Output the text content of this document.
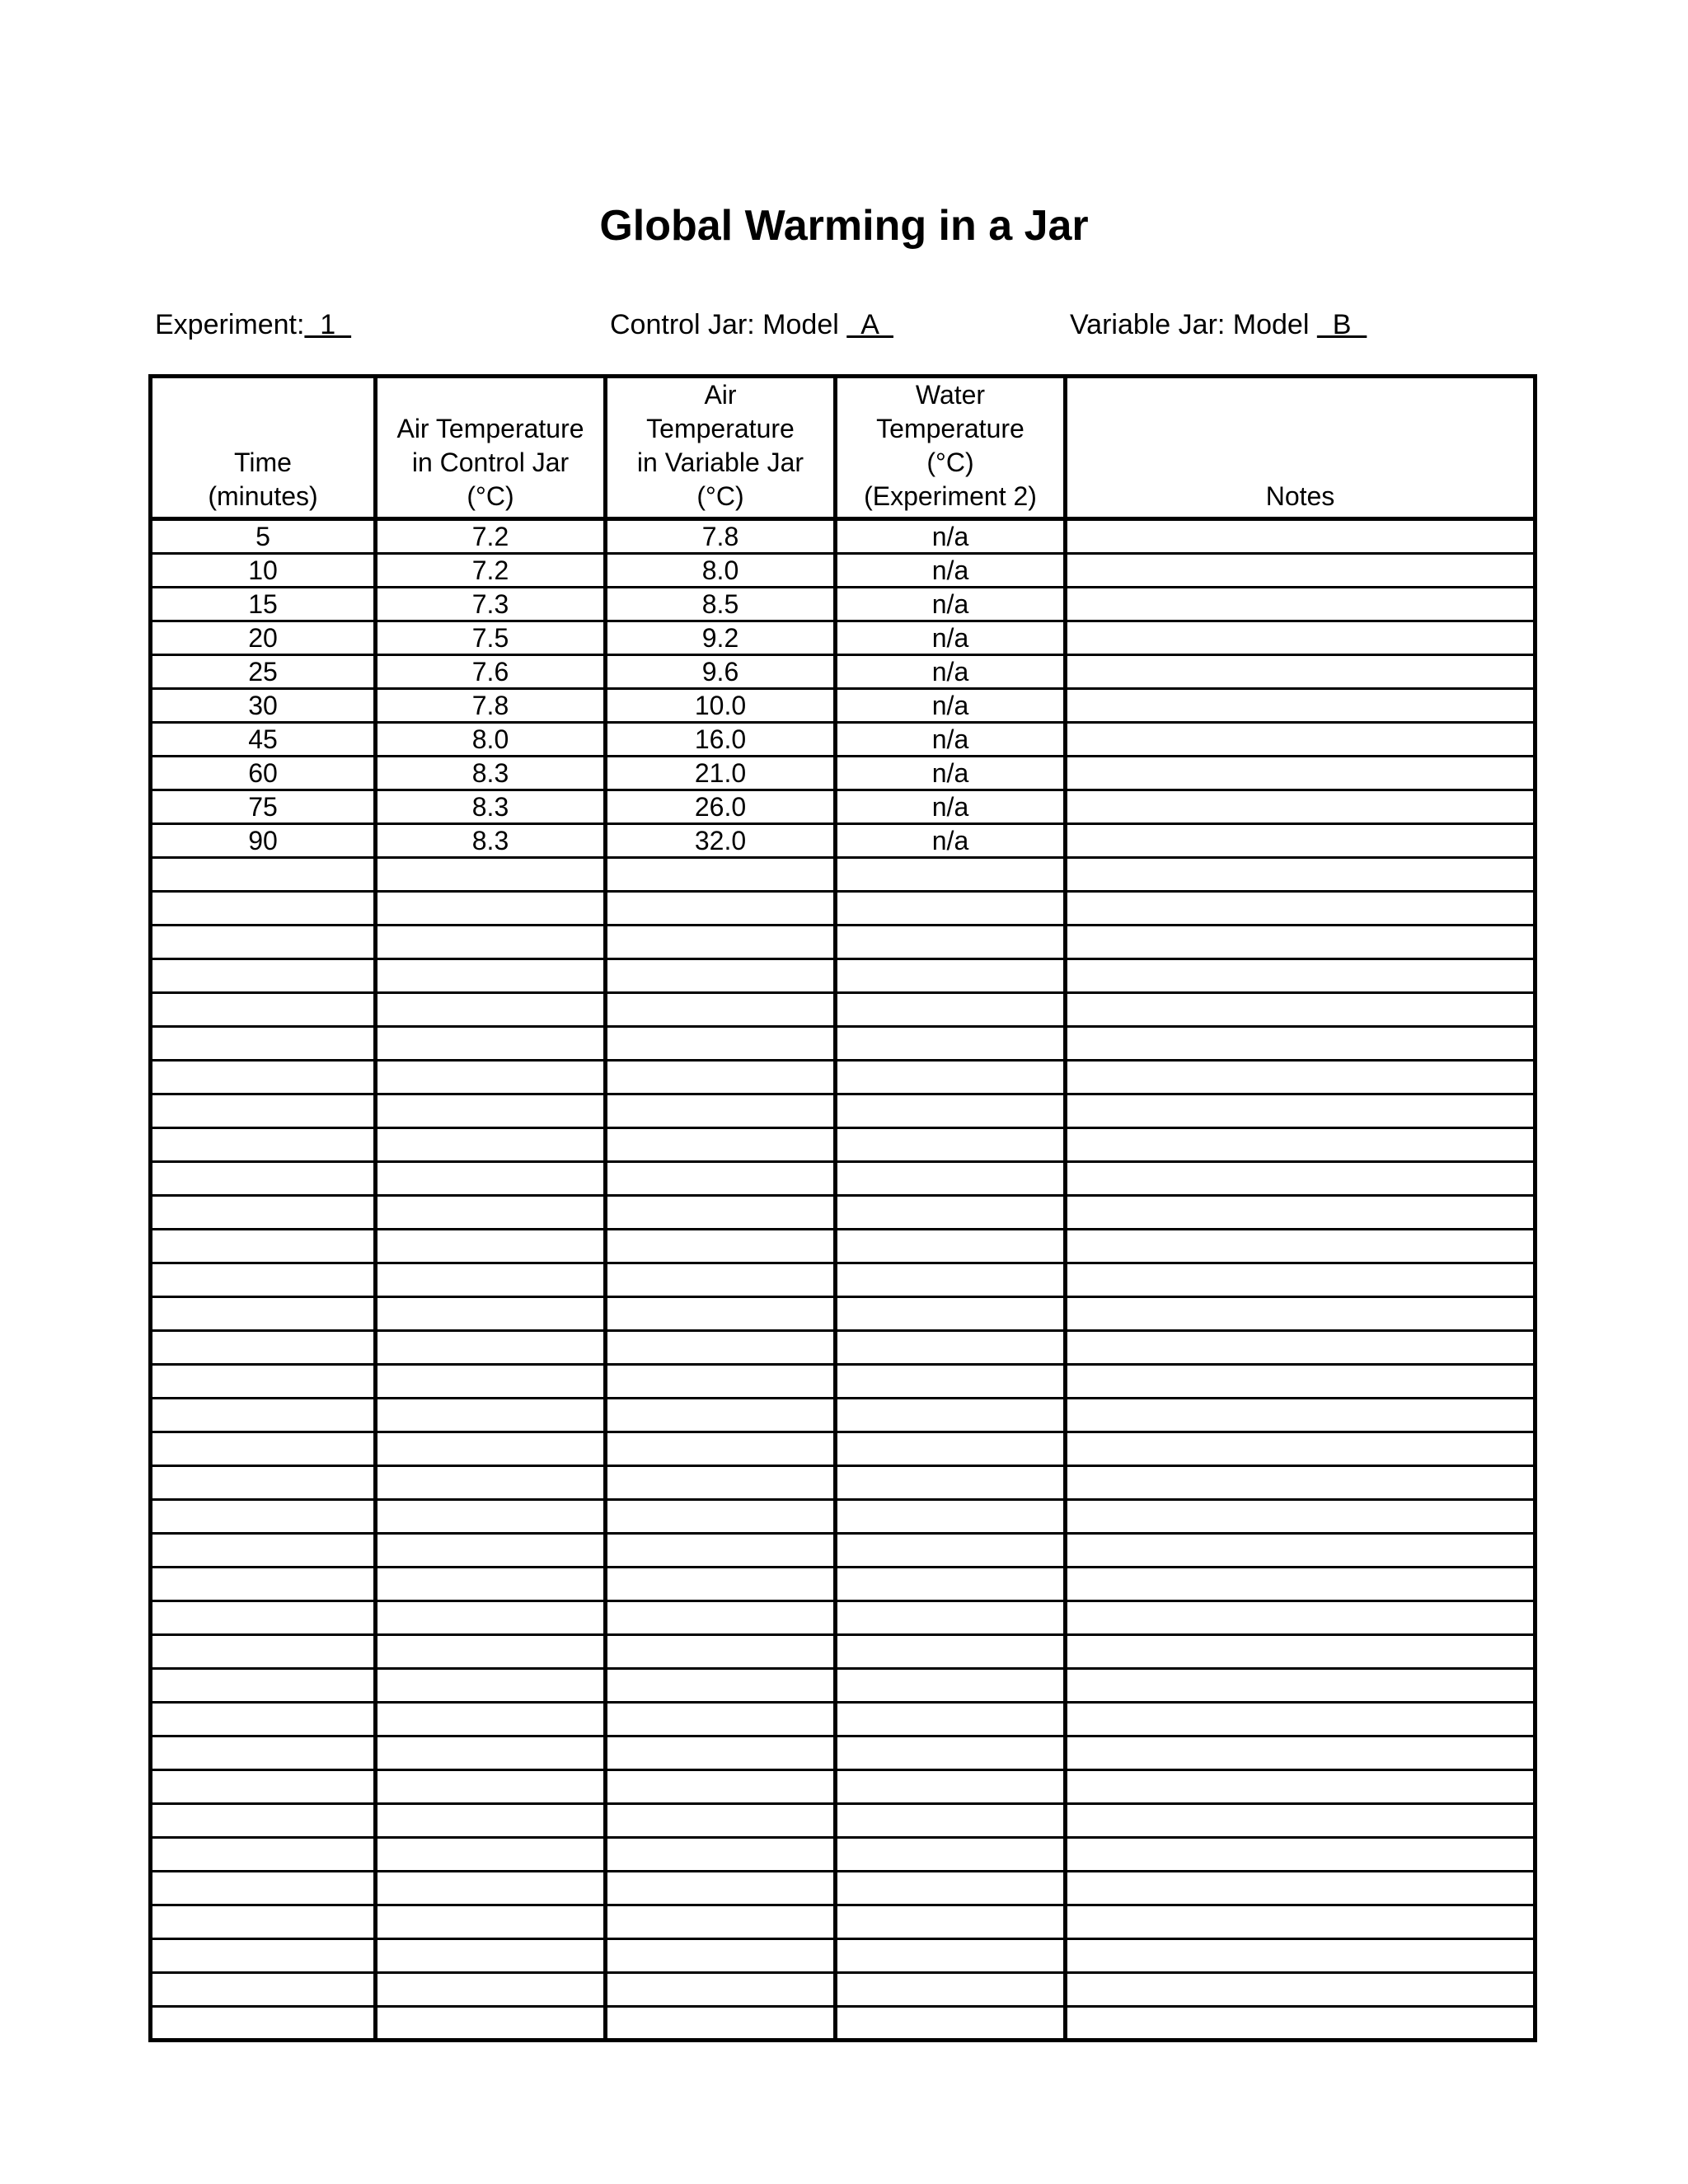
Global Warming in a Jar
Experiment:  1	Control Jar: Model   A	Variable Jar: Model   B
Time
(minutes)	Air Temperature
in Control Jar
(°C)	Air
Temperature
in Variable Jar
(°C)	Water
Temperature
(°C)
(Experiment 2)	Notes

5	7.2	7.8	n/a	
10	7.2	8.0	n/a	
15	7.3	8.5	n/a	
20	7.5	9.2	n/a	
25	7.6	9.6	n/a	
30	7.8	10.0	n/a	
45	8.0	16.0	n/a	
60	8.3	21.0	n/a	
75	8.3	26.0	n/a	
90	8.3	32.0	n/a	
